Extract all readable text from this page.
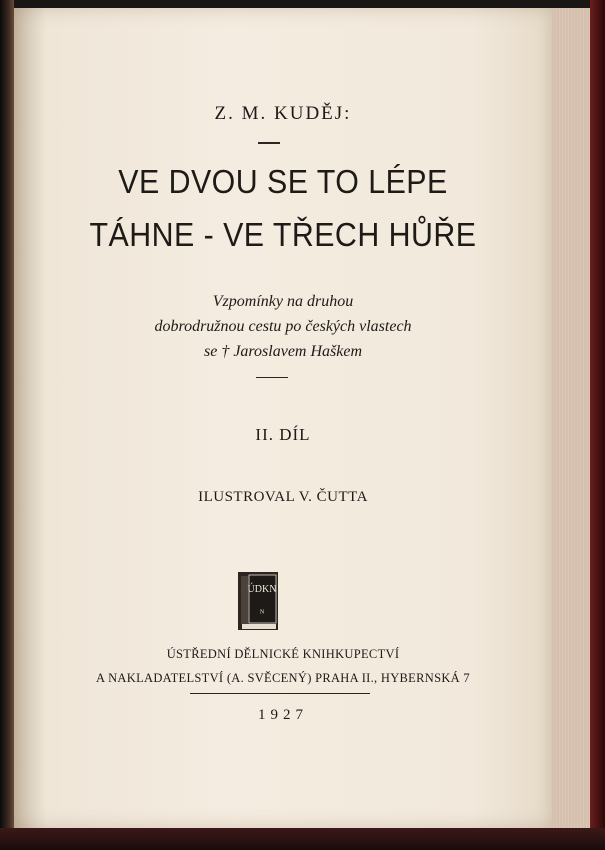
Z. M. KUDĚJ:
VE DVOU SE TO LÉPE
TÁHNE - VE TŘECH HŮŘE
Vzpomínky na druhou
dobrodružnou cestu po českých vlastech
se † Jaroslavem Haškem
II. DÍL
ILUSTROVAL V. ČUTTA
ÚDKN
ᴺ
ÚSTŘEDNÍ DĚLNICKÉ KNIHKUPECTVÍ
A NAKLADATELSTVÍ (A. SVĚCENÝ) PRAHA II., HYBERNSKÁ 7
1927
